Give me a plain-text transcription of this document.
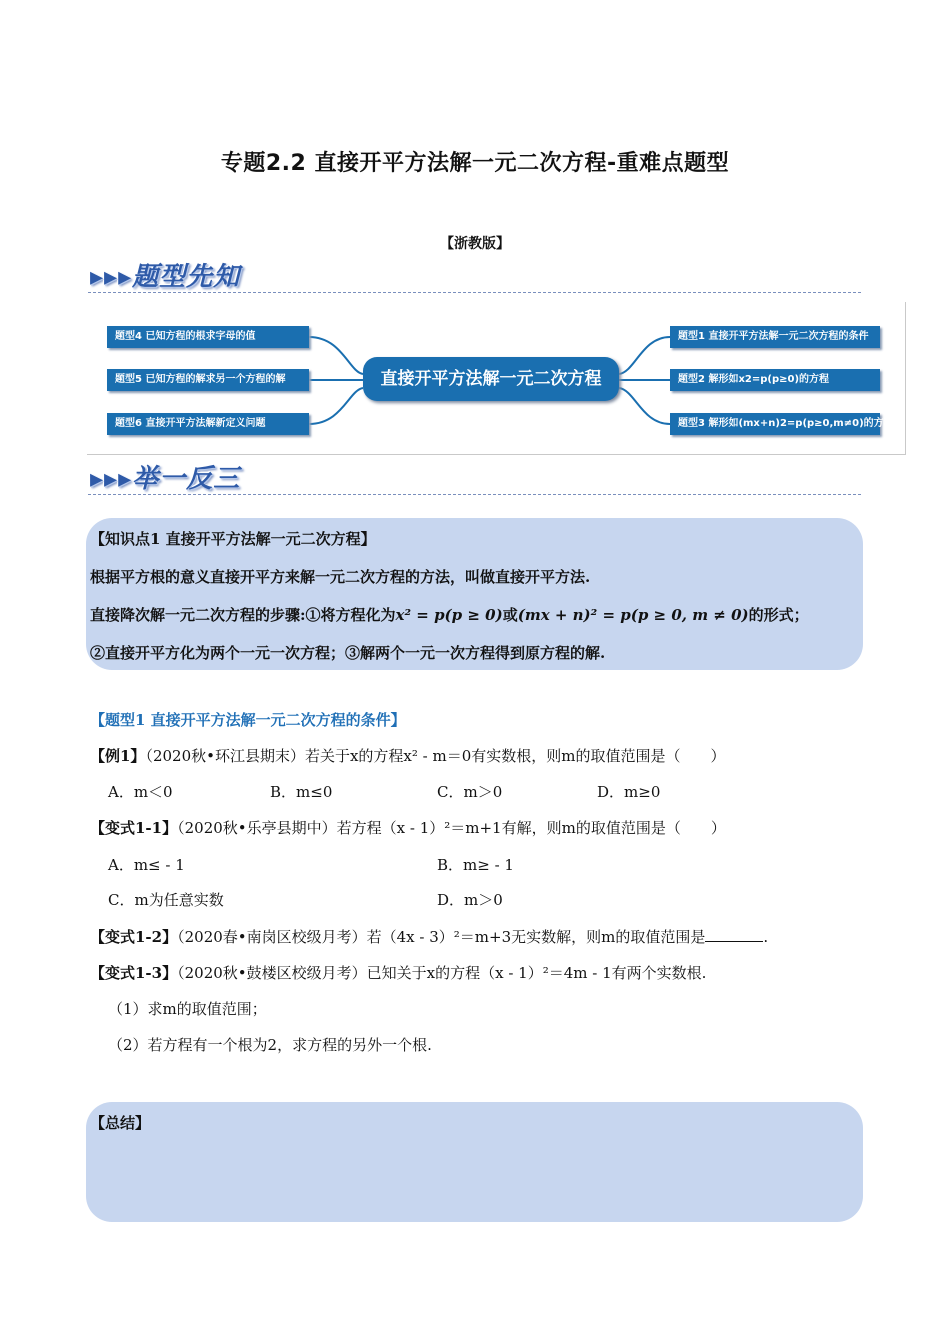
专题2.2 直接开平方法解一元二次方程-重难点题型
【浙教版】
▸▸▸题型先知
题型4 已知方程的根求字母的值
题型5 已知方程的解求另一个方程的解
题型6 直接开平方法解新定义问题
直接开平方法解一元二次方程
题型1 直接开平方法解一元二次方程的条件
题型2 解形如x2=p(p≥0)的方程
题型3 解形如(mx+n)2=p(p≥0,m≠0)的方程
▸▸▸举一反三
【知识点1 直接开平方法解一元二次方程】
根据平方根的意义直接开平方来解一元二次方程的方法，叫做直接开平方法.
直接降次解一元二次方程的步骤:①将方程化为x² = p(p ≥ 0)或(mx + n)² = p(p ≥ 0, m ≠ 0)的形式；
②直接开平方化为两个一元一次方程；③解两个一元一次方程得到原方程的解.
【题型1 直接开平方法解一元二次方程的条件】
【例1】（2020秋•环江县期末）若关于x的方程x² - m＝0有实数根，则m的取值范围是（　　）
A．m＜0	B．m≤0	C．m＞0	D．m≥0
【变式1-1】（2020秋•乐亭县期中）若方程（x - 1）²＝m+1有解，则m的取值范围是（　　）
A．m≤ - 1	B．m≥ - 1
C．m为任意实数	D．m＞0
【变式1-2】（2020春•南岗区校级月考）若（4x - 3）²＝m+3无实数解，则m的取值范围是	.
【变式1-3】（2020秋•鼓楼区校级月考）已知关于x的方程（x - 1）²＝4m - 1有两个实数根.
（1）求m的取值范围；
（2）若方程有一个根为2，求方程的另外一个根.
【总结】
